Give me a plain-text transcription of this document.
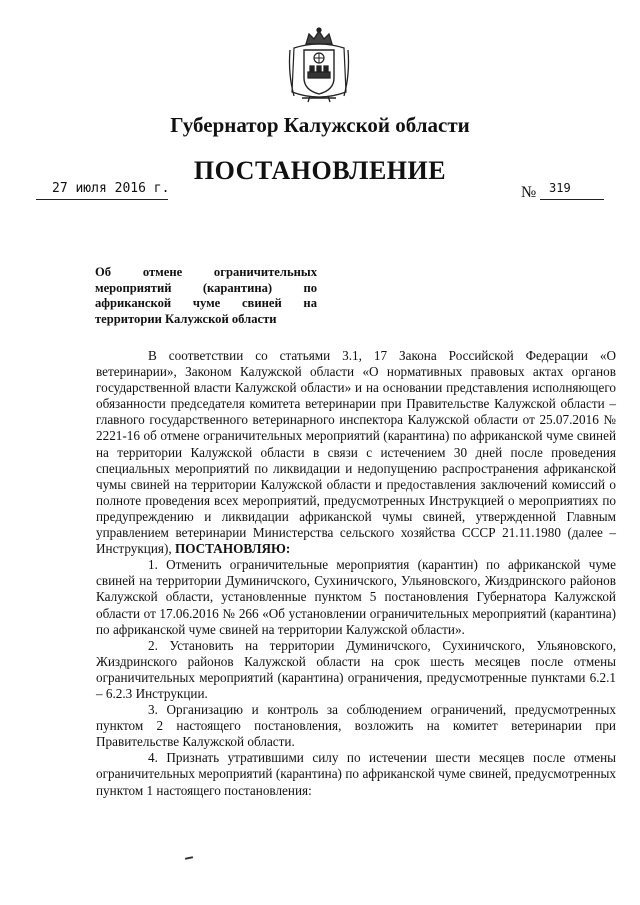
Губернатор Калужской области
ПОСТАНОВЛЕНИЕ
27 июля 2016 г.	№ 319
Об отмене ограничительных
мероприятий (карантина) по
африканской чуме свиней на
территории Калужской области

В соответствии со статьями 3.1, 17 Закона Российской Федерации «О ветеринарии», Законом Калужской области «О нормативных правовых актах органов государственной власти Калужской области» и на основании представления исполняющего обязанности председателя комитета ветеринарии при Правительстве Калужской области – главного государственного ветеринарного инспектора Калужской области от 25.07.2016 № 2221-16 об отмене ограничительных мероприятий (карантина) по африканской чуме свиней на территории Калужской области в связи с истечением 30 дней после проведения специальных мероприятий по ликвидации и недопущению распространения африканской чумы свиней на территории Калужской области и предоставления заключений комиссий о полноте проведения всех мероприятий, предусмотренных Инструкцией о мероприятиях по предупреждению и ликвидации африканской чумы свиней, утвержденной Главным управлением ветеринарии Министерства сельского хозяйства СССР 21.11.1980 (далее – Инструкция), ПОСТАНОВЛЯЮ:

1. Отменить ограничительные мероприятия (карантин) по африканской чуме свиней на территории Думиничского, Сухиничского, Ульяновского, Жиздринского районов Калужской области, установленные пунктом 5 постановления Губернатора Калужской области от 17.06.2016 № 266 «Об установлении ограничительных мероприятий (карантина) по африканской чуме свиней на территории Калужской области».

2. Установить на территории Думиничского, Сухиничского, Ульяновского, Жиздринского районов Калужской области на срок шесть месяцев после отмены ограничительных мероприятий (карантина) ограничения, предусмотренные пунктами 6.2.1 – 6.2.3 Инструкции.

3. Организацию и контроль за соблюдением ограничений, предусмотренных пунктом 2 настоящего постановления, возложить на комитет ветеринарии при Правительстве Калужской области.

4. Признать утратившими силу по истечении шести месяцев после отмены ограничительных мероприятий (карантина) по африканской чуме свиней, предусмотренных пунктом 1 настоящего постановления:
